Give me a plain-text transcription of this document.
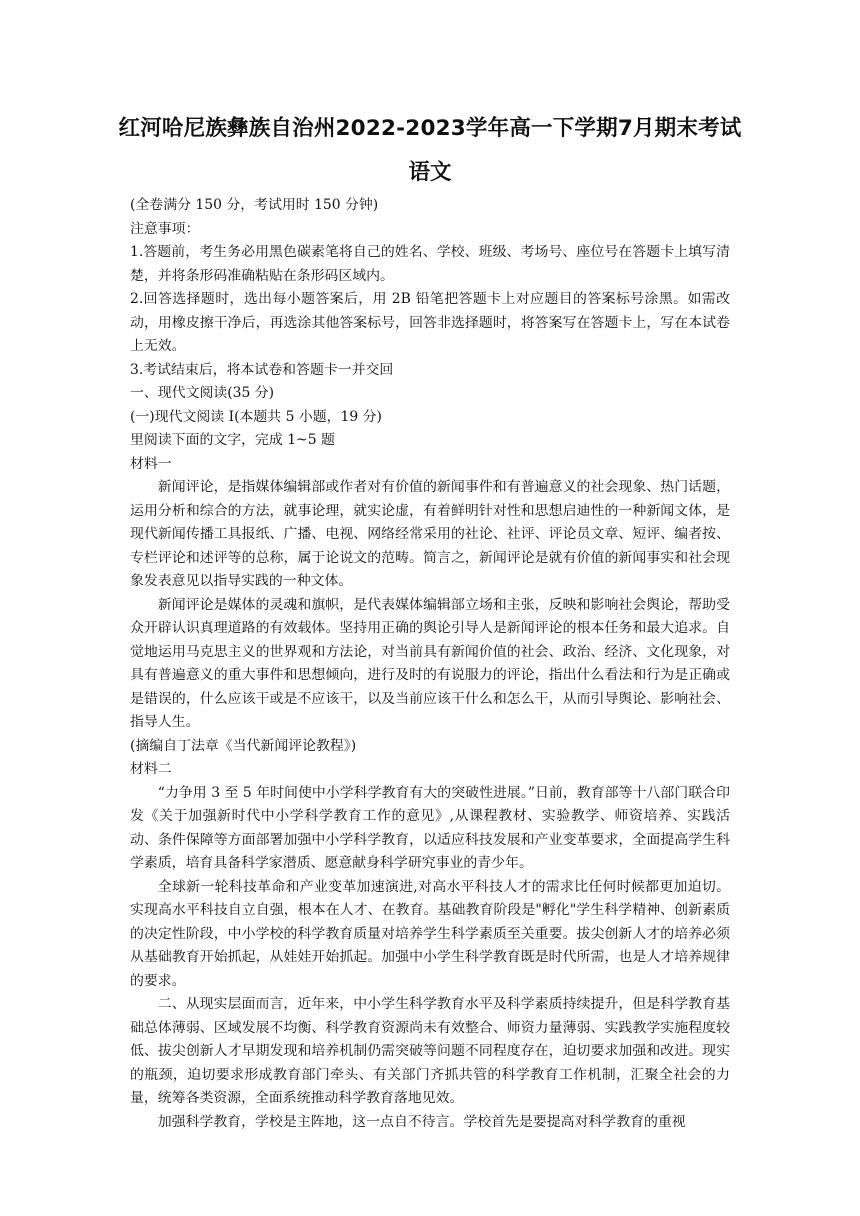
红河哈尼族彝族自治州2022-2023学年高一下学期7月期末考试
语文

(全卷满分 150 分，考试用时 150 分钟)

注意事项：

1.答题前，考生务必用黑色碳素笔将自己的姓名、学校、班级、考场号、座位号在答题卡上填写清楚，并将条形码准确粘贴在条形码区域内。

2.回答选择题时，选出每小题答案后，用 2B 铅笔把答题卡上对应题目的答案标号涂黑。如需改动，用橡皮擦干净后，再选涂其他答案标号，回答非选择题时，将答案写在答题卡上，写在本试卷上无效。

3.考试结束后，将本试卷和答题卡一并交回

一、现代文阅读(35 分)

(一)现代文阅读 I(本题共 5 小题，19 分)

里阅读下面的文字，完成 1~5 题

材料一

新闻评论，是指媒体编辑部或作者对有价值的新闻事件和有普遍意义的社会现象、热门话题，运用分析和综合的方法，就事论理，就实论虚，有着鲜明针对性和思想启迪性的一种新闻文体，是现代新闻传播工具报纸、广播、电视、网络经常采用的社论、社评、评论员文章、短评、编者按、专栏评论和述评等的总称，属于论说文的范畴。简言之，新闻评论是就有价值的新闻事实和社会现象发表意见以指导实践的一种文体。

新闻评论是媒体的灵魂和旗帜，是代表媒体编辑部立场和主张，反映和影响社会舆论，帮助受众开辟认识真理道路的有效载体。坚持用正确的舆论引导人是新闻评论的根本任务和最大追求。自觉地运用马克思主义的世界观和方法论，对当前具有新闻价值的社会、政治、经济、文化现象，对具有普遍意义的重大事件和思想倾向，进行及时的有说服力的评论，指出什么看法和行为是正确或是错误的，什么应该干或是不应该干，以及当前应该干什么和怎么干，从而引导舆论、影响社会、指导人生。

(摘编自丁法章《当代新闻评论教程》)

材料二

“力争用 3 至 5 年时间使中小学科学教育有大的突破性进展。”日前，教育部等十八部门联合印发《关于加强新时代中小学科学教育工作的意见》,从课程教材、实验教学、师资培养、实践活动、条件保障等方面部署加强中小学科学教育，以适应科技发展和产业变革要求，全面提高学生科学素质，培育具备科学家潜质、愿意献身科学研究事业的青少年。

全球新一轮科技革命和产业变革加速演进,对高水平科技人才的需求比任何时候都更加迫切。实现高水平科技自立自强，根本在人才、在教育。基础教育阶段是"孵化"学生科学精神、创新素质的决定性阶段，中小学校的科学教育质量对培养学生科学素质至关重要。拔尖创新人才的培养必须从基础教育开始抓起，从娃娃开始抓起。加强中小学生科学教育既是时代所需，也是人才培养规律的要求。

二、从现实层面而言，近年来，中小学生科学教育水平及科学素质持续提升，但是科学教育基础总体薄弱、区域发展不均衡、科学教育资源尚未有效整合、师资力量薄弱、实践教学实施程度较低、拔尖创新人才早期发现和培养机制仍需突破等问题不同程度存在，迫切要求加强和改进。现实的瓶颈，迫切要求形成教育部门牵头、有关部门齐抓共管的科学教育工作机制，汇聚全社会的力量，统筹各类资源，全面系统推动科学教育落地见效。

加强科学教育，学校是主阵地，这一点自不待言。学校首先是要提高对科学教育的重视
